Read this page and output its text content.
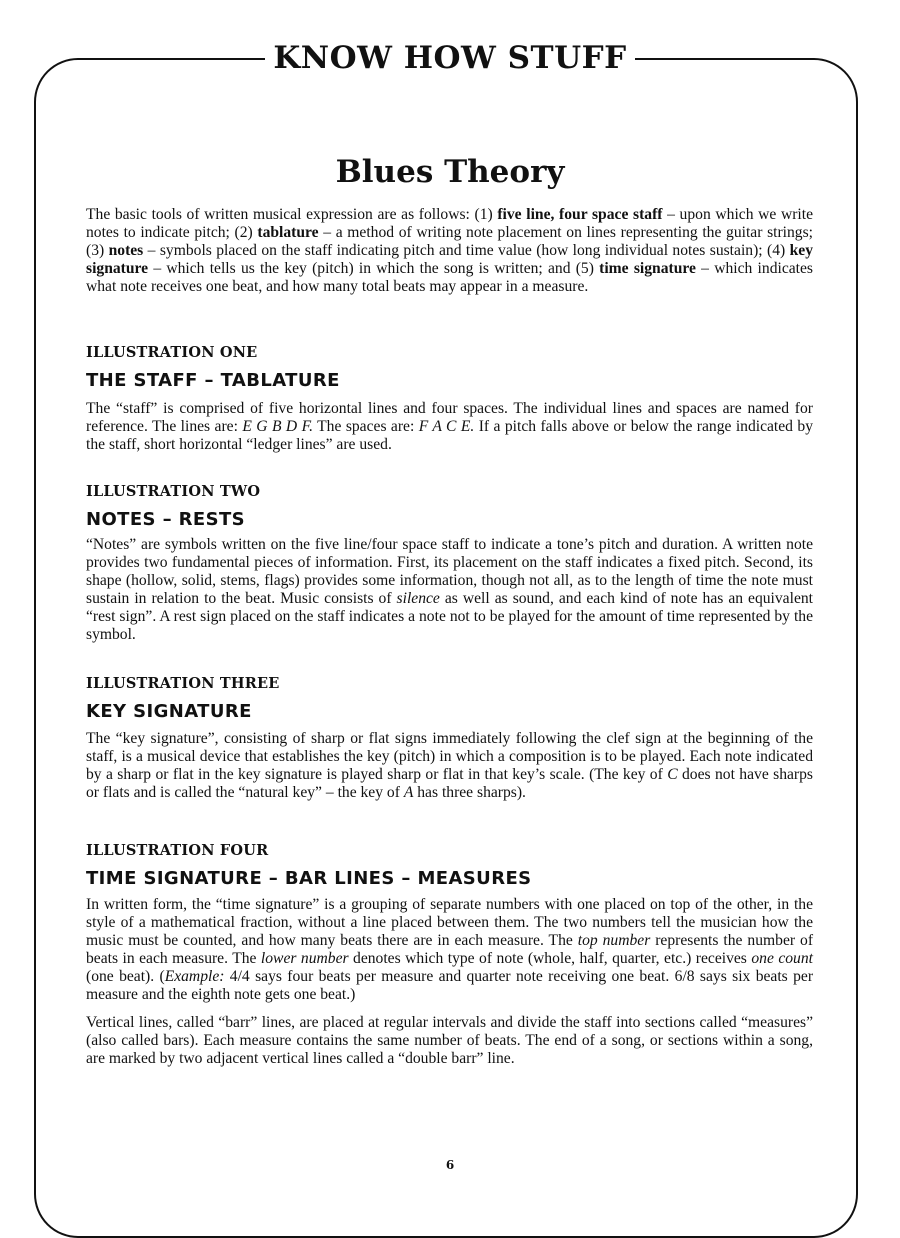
KNOW HOW STUFF
Blues Theory

The basic tools of written musical expression are as follows: (1) five line, four space staff – upon which we write notes to indicate pitch; (2) tablature – a method of writing note placement on lines representing the guitar strings; (3) notes – symbols placed on the staff indicating pitch and time value (how long individual notes sustain); (4) key signature – which tells us the key (pitch) in which the song is written; and (5) time signature – which indicates what note receives one beat, and how many total beats may appear in a measure.

ILLUSTRATION ONE
THE STAFF – TABLATURE

The “staff” is comprised of five horizontal lines and four spaces. The individual lines and spaces are named for reference. The lines are: E G B D F. The spaces are: F A C E. If a pitch falls above or below the range indicated by the staff, short horizontal “ledger lines” are used.

ILLUSTRATION TWO
NOTES – RESTS

“Notes” are symbols written on the five line/four space staff to indicate a tone’s pitch and duration. A written note provides two fundamental pieces of information. First, its placement on the staff indicates a fixed pitch. Second, its shape (hollow, solid, stems, flags) provides some information, though not all, as to the length of time the note must sustain in relation to the beat. Music consists of silence as well as sound, and each kind of note has an equivalent “rest sign”. A rest sign placed on the staff indicates a note not to be played for the amount of time represented by the symbol.

ILLUSTRATION THREE
KEY SIGNATURE

The “key signature”, consisting of sharp or flat signs immediately following the clef sign at the beginning of the staff, is a musical device that establishes the key (pitch) in which a composition is to be played. Each note indicated by a sharp or flat in the key signature is played sharp or flat in that key’s scale. (The key of C does not have sharps or flats and is called the “natural key” – the key of A has three sharps).

ILLUSTRATION FOUR
TIME SIGNATURE – BAR LINES – MEASURES

In written form, the “time signature” is a grouping of separate numbers with one placed on top of the other, in the style of a mathematical fraction, without a line placed between them. The two numbers tell the musician how the music must be counted, and how many beats there are in each measure. The top number represents the number of beats in each measure. The lower number denotes which type of note (whole, half, quarter, etc.) receives one count (one beat). (Example: 4/4 says four beats per measure and quarter note receiving one beat. 6/8 says six beats per measure and the eighth note gets one beat.)

Vertical lines, called “barr” lines, are placed at regular intervals and divide the staff into sections called “measures” (also called bars). Each measure contains the same number of beats. The end of a song, or sections within a song, are marked by two adjacent vertical lines called a “double barr” line.

6
